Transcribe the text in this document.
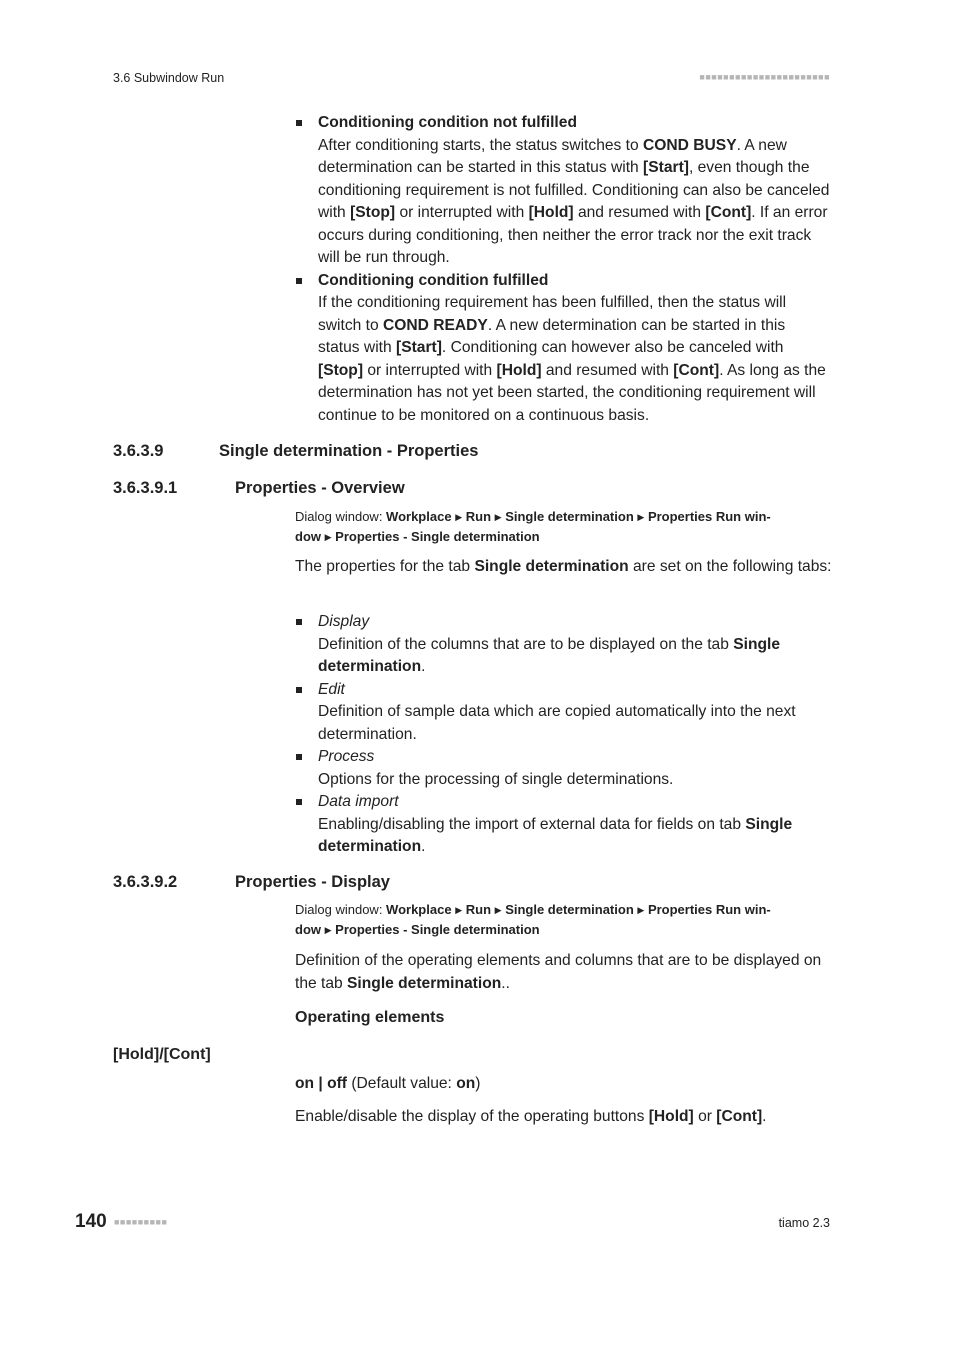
3.6 Subwindow Run	■■■■■■■■■■■■■■■■■■■■■■
Conditioning condition not fulfilled
After conditioning starts, the status switches to COND BUSY. A new determination can be started in this status with [Start], even though the conditioning requirement is not fulfilled. Conditioning can also be canceled with [Stop] or interrupted with [Hold] and resumed with [Cont]. If an error occurs during conditioning, then neither the error track nor the exit track will be run through.
Conditioning condition fulfilled
If the conditioning requirement has been fulfilled, then the status will switch to COND READY. A new determination can be started in this status with [Start]. Conditioning can however also be canceled with [Stop] or interrupted with [Hold] and resumed with [Cont]. As long as the determination has not yet been started, the conditioning requirement will continue to be monitored on a continuous basis.
3.6.3.9	Single determination - Properties
3.6.3.9.1	Properties - Overview
Dialog window: Workplace ▶ Run ▶ Single determination ▶ Properties Run win-
dow ▶ Properties - Single determination
The properties for the tab Single determination are set on the following tabs:
Display
Definition of the columns that are to be displayed on the tab Single determination.
Edit
Definition of sample data which are copied automatically into the next determination.
Process
Options for the processing of single determinations.
Data import
Enabling/disabling the import of external data for fields on tab Single determination.
3.6.3.9.2	Properties - Display
Dialog window: Workplace ▶ Run ▶ Single determination ▶ Properties Run win-
dow ▶ Properties - Single determination
Definition of the operating elements and columns that are to be displayed on the tab Single determination..
Operating elements
[Hold]/[Cont]
on | off (Default value: on)
Enable/disable the display of the operating buttons [Hold] or [Cont].
140 ■■■■■■■■■	tiamo 2.3
